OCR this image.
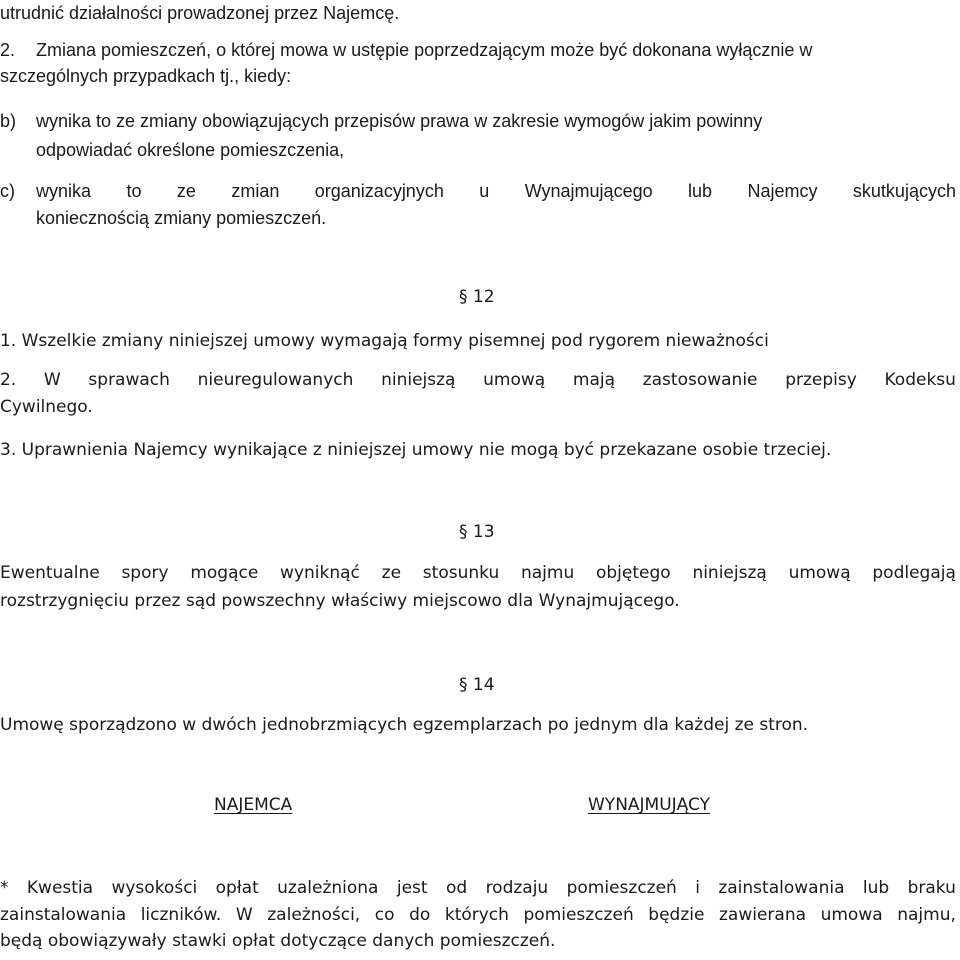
utrudnić działalności prowadzonej przez Najemcę.
2. Zmiana pomieszczeń, o której mowa w ustępie poprzedzającym może być dokonana wyłącznie w
szczególnych przypadkach tj., kiedy:
b) wynika to ze zmiany obowiązujących przepisów prawa w zakresie wymogów jakim powinny
odpowiadać określone pomieszczenia,
c)	wynika to ze zmian organizacyjnych u Wynajmującego lub Najemcy skutkujących
koniecznością zmiany pomieszczeń.
§ 12
1. Wszelkie zmiany niniejszej umowy wymagają formy pisemnej pod rygorem nieważności
2. W sprawach nieuregulowanych niniejszą umową mają zastosowanie przepisy Kodeksu
Cywilnego.
3. Uprawnienia Najemcy wynikające z niniejszej umowy nie mogą być przekazane osobie trzeciej.
§ 13
Ewentualne spory mogące wyniknąć ze stosunku najmu objętego niniejszą umową podlegają
rozstrzygnięciu przez sąd powszechny właściwy miejscowo dla Wynajmującego.
§ 14
Umowę sporządzono w dwóch jednobrzmiących egzemplarzach po jednym dla każdej ze stron.
NAJEMCA	WYNAJMUJĄCY
* Kwestia wysokości opłat uzależniona jest od rodzaju pomieszczeń i zainstalowania lub braku
zainstalowania liczników. W zależności, co do których pomieszczeń będzie zawierana umowa najmu,
będą obowiązywały stawki opłat dotyczące danych pomieszczeń.
